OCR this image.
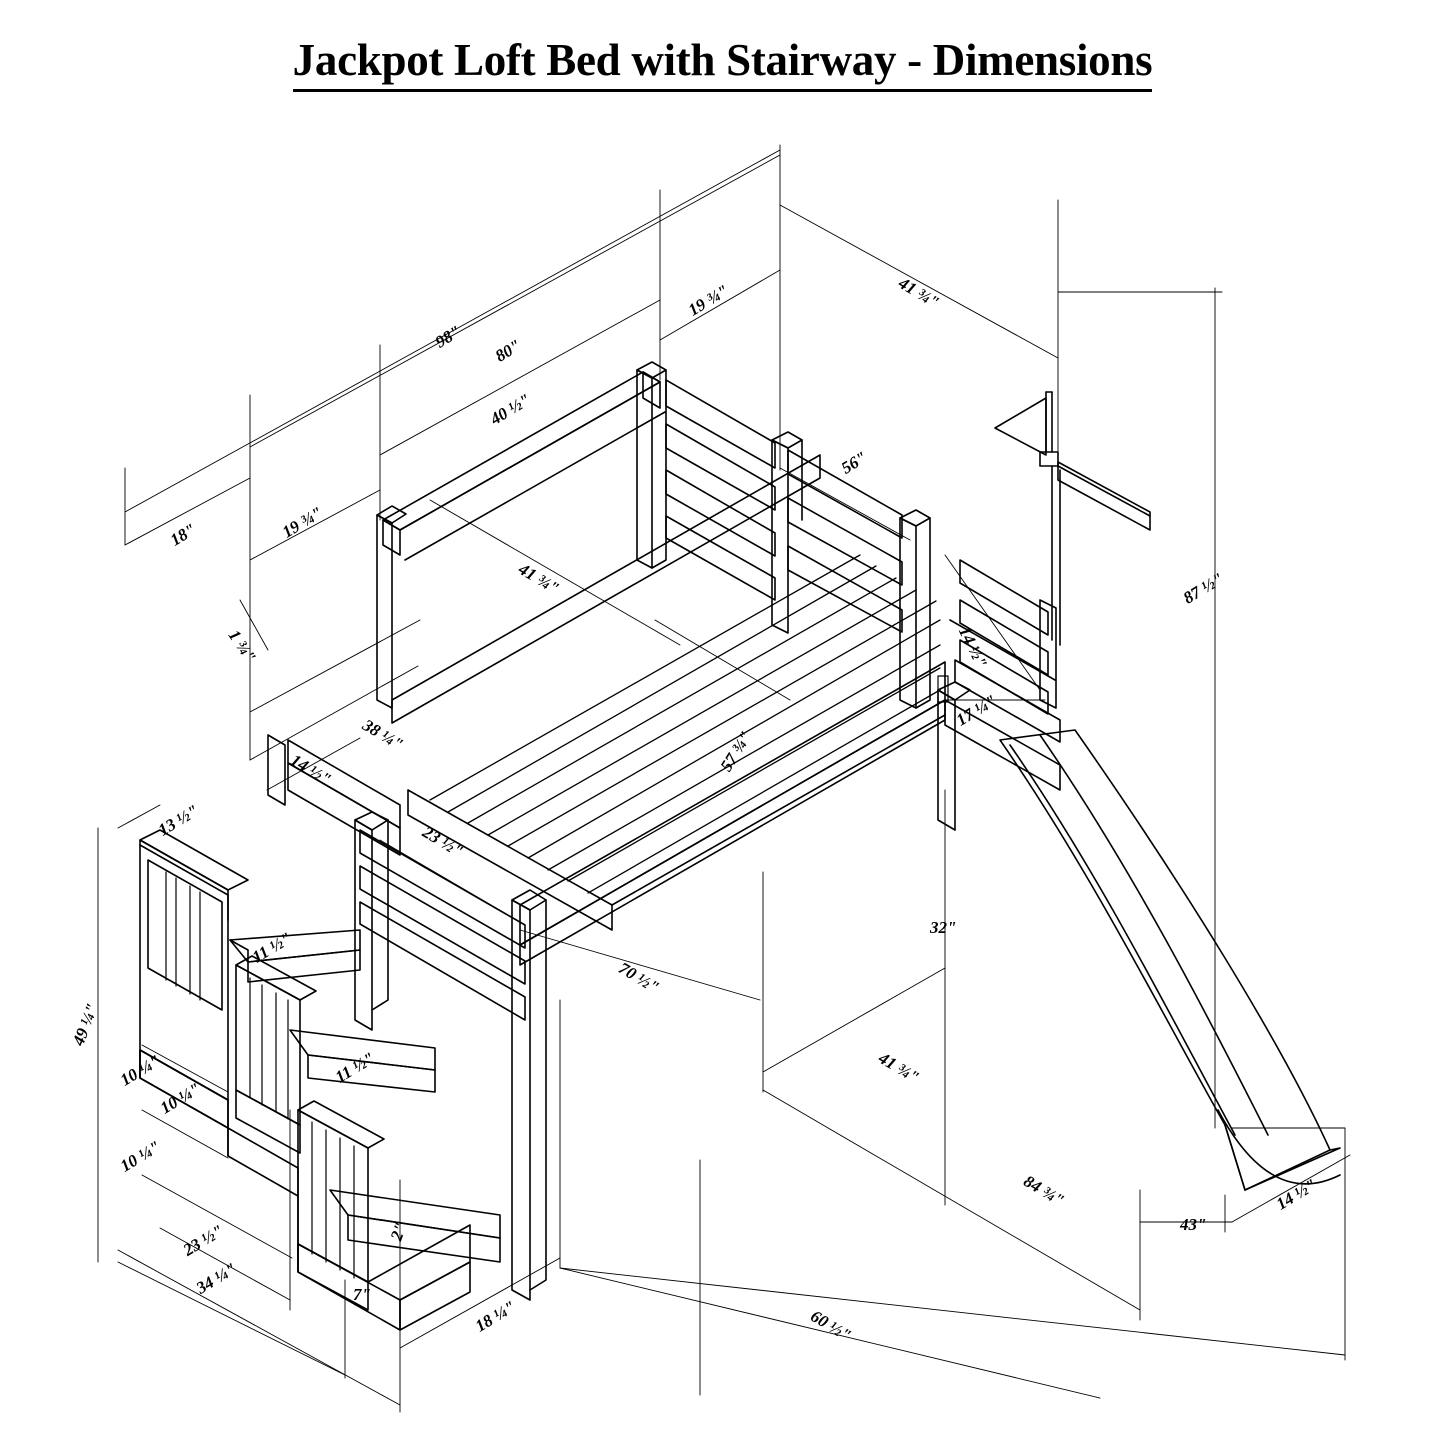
Jackpot Loft Bed with Stairway - Dimensions
98" 80"
19 ¾"	41 ¾"
40 ½"
56"
18"	19 ¾"
41 ¾"	87 ½"
1 ¾"	14 ½"
38 ¼"
17 ¼"
14 ½"	57 ¾"
13 ½"
23 ½"
32"
70 ½"
11 ½"
49 ¼"
10 ¼"	11 ½"	41 ¾"
10 ¼"
10 ¼"
84 ¾"
43"
14 ½"
2"
23 ½"
7"
34 ¼"
18 ¼"	60 ½"
